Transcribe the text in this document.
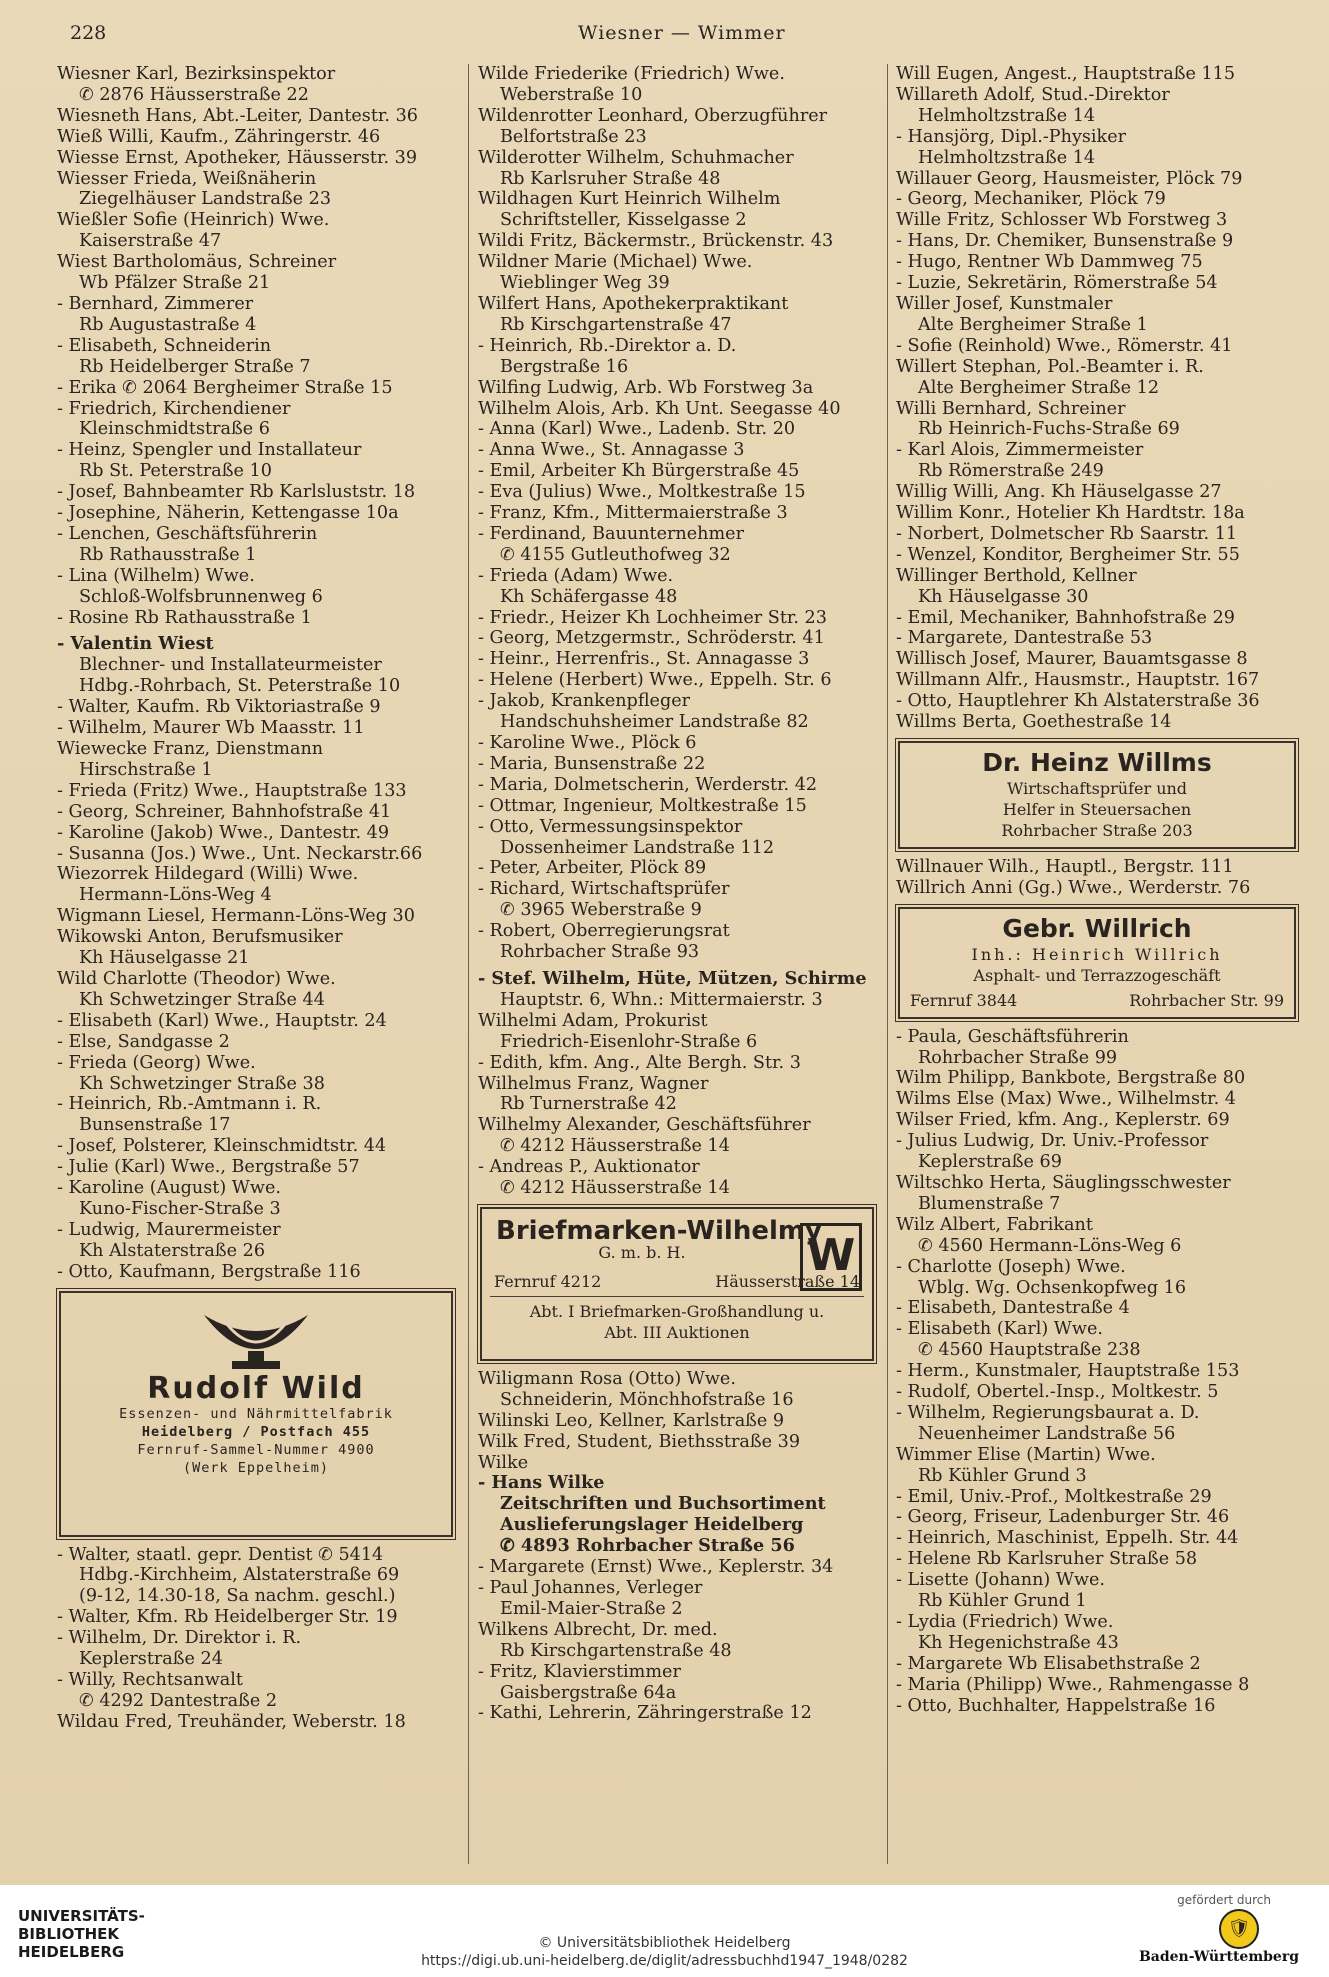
228	Wiesner — Wimmer
Wiesner Karl, Bezirksinspektor
✆ 2876 Häusserstraße 22
Wiesneth Hans, Abt.-Leiter, Dantestr. 36
Wieß Willi, Kaufm., Zähringerstr. 46
Wiesse Ernst, Apotheker, Häusserstr. 39
Wiesser Frieda, Weißnäherin
Ziegelhäuser Landstraße 23
Wießler Sofie (Heinrich) Wwe.
Kaiserstraße 47
Wiest Bartholomäus, Schreiner
Wb Pfälzer Straße 21
- Bernhard, Zimmerer
Rb Augustastraße 4
- Elisabeth, Schneiderin
Rb Heidelberger Straße 7
- Erika ✆ 2064 Bergheimer Straße 15
- Friedrich, Kirchendiener
Kleinschmidtstraße 6
- Heinz, Spengler und Installateur
Rb St. Peterstraße 10
- Josef, Bahnbeamter Rb Karlsluststr. 18
- Josephine, Näherin, Kettengasse 10a
- Lenchen, Geschäftsführerin
Rb Rathausstraße 1
- Lina (Wilhelm) Wwe.
Schloß-Wolfsbrunnenweg 6
- Rosine Rb Rathausstraße 1
- Valentin Wiest
Blechner- und Installateurmeister
Hdbg.-Rohrbach, St. Peterstraße 10
- Walter, Kaufm. Rb Viktoriastraße 9
- Wilhelm, Maurer Wb Maasstr. 11
Wiewecke Franz, Dienstmann
Hirschstraße 1
- Frieda (Fritz) Wwe., Hauptstraße 133
- Georg, Schreiner, Bahnhofstraße 41
- Karoline (Jakob) Wwe., Dantestr. 49
- Susanna (Jos.) Wwe., Unt. Neckarstr.66
Wiezorrek Hildegard (Willi) Wwe.
Hermann-Löns-Weg 4
Wigmann Liesel, Hermann-Löns-Weg 30
Wikowski Anton, Berufsmusiker
Kh Häuselgasse 21
Wild Charlotte (Theodor) Wwe.
Kh Schwetzinger Straße 44
- Elisabeth (Karl) Wwe., Hauptstr. 24
- Else, Sandgasse 2
- Frieda (Georg) Wwe.
Kh Schwetzinger Straße 38
- Heinrich, Rb.-Amtmann i. R.
Bunsenstraße 17
- Josef, Polsterer, Kleinschmidtstr. 44
- Julie (Karl) Wwe., Bergstraße 57
- Karoline (August) Wwe.
Kuno-Fischer-Straße 3
- Ludwig, Maurermeister
Kh Alstaterstraße 26
- Otto, Kaufmann, Bergstraße 116
Rudolf Wild
Essenzen- und Nährmittelfabrik
Heidelberg / Postfach 455
Fernruf-Sammel-Nummer 4900
(Werk Eppelheim)
- Walter, staatl. gepr. Dentist ✆ 5414
Hdbg.-Kirchheim, Alstaterstraße 69
(9-12, 14.30-18, Sa nachm. geschl.)
- Walter, Kfm. Rb Heidelberger Str. 19
- Wilhelm, Dr. Direktor i. R.
Keplerstraße 24
- Willy, Rechtsanwalt
✆ 4292 Dantestraße 2
Wildau Fred, Treuhänder, Weberstr. 18
Wilde Friederike (Friedrich) Wwe.
Weberstraße 10
Wildenrotter Leonhard, Oberzugführer
Belfortstraße 23
Wilderotter Wilhelm, Schuhmacher
Rb Karlsruher Straße 48
Wildhagen Kurt Heinrich Wilhelm
Schriftsteller, Kisselgasse 2
Wildi Fritz, Bäckermstr., Brückenstr. 43
Wildner Marie (Michael) Wwe.
Wieblinger Weg 39
Wilfert Hans, Apothekerpraktikant
Rb Kirschgartenstraße 47
- Heinrich, Rb.-Direktor a. D.
Bergstraße 16
Wilfing Ludwig, Arb. Wb Forstweg 3a
Wilhelm Alois, Arb. Kh Unt. Seegasse 40
- Anna (Karl) Wwe., Ladenb. Str. 20
- Anna Wwe., St. Annagasse 3
- Emil, Arbeiter Kh Bürgerstraße 45
- Eva (Julius) Wwe., Moltkestraße 15
- Franz, Kfm., Mittermaierstraße 3
- Ferdinand, Bauunternehmer
✆ 4155 Gutleuthofweg 32
- Frieda (Adam) Wwe.
Kh Schäfergasse 48
- Friedr., Heizer Kh Lochheimer Str. 23
- Georg, Metzgermstr., Schröderstr. 41
- Heinr., Herrenfris., St. Annagasse 3
- Helene (Herbert) Wwe., Eppelh. Str. 6
- Jakob, Krankenpfleger
Handschuhsheimer Landstraße 82
- Karoline Wwe., Plöck 6
- Maria, Bunsenstraße 22
- Maria, Dolmetscherin, Werderstr. 42
- Ottmar, Ingenieur, Moltkestraße 15
- Otto, Vermessungsinspektor
Dossenheimer Landstraße 112
- Peter, Arbeiter, Plöck 89
- Richard, Wirtschaftsprüfer
✆ 3965 Weberstraße 9
- Robert, Oberregierungsrat
Rohrbacher Straße 93
- Stef. Wilhelm, Hüte, Mützen, Schirme
Hauptstr. 6, Whn.: Mittermaierstr. 3
Wilhelmi Adam, Prokurist
Friedrich-Eisenlohr-Straße 6
- Edith, kfm. Ang., Alte Bergh. Str. 3
Wilhelmus Franz, Wagner
Rb Turnerstraße 42
Wilhelmy Alexander, Geschäftsführer
✆ 4212 Häusserstraße 14
- Andreas P., Auktionator
✆ 4212 Häusserstraße 14
Briefmarken-Wilhelmy
W
G. m. b. H.
Fernruf 4212	Häusserstraße 14
Abt. I Briefmarken-Großhandlung u.
Abt. III Auktionen
Wiligmann Rosa (Otto) Wwe.
Schneiderin, Mönchhofstraße 16
Wilinski Leo, Kellner, Karlstraße 9
Wilk Fred, Student, Biethsstraße 39
Wilke
- Hans Wilke
Zeitschriften und Buchsortiment
Auslieferungslager Heidelberg
✆ 4893 Rohrbacher Straße 56
- Margarete (Ernst) Wwe., Keplerstr. 34
- Paul Johannes, Verleger
Emil-Maier-Straße 2
Wilkens Albrecht, Dr. med.
Rb Kirschgartenstraße 48
- Fritz, Klavierstimmer
Gaisbergstraße 64a
- Kathi, Lehrerin, Zähringerstraße 12
Will Eugen, Angest., Hauptstraße 115
Willareth Adolf, Stud.-Direktor
Helmholtzstraße 14
- Hansjörg, Dipl.-Physiker
Helmholtzstraße 14
Willauer Georg, Hausmeister, Plöck 79
- Georg, Mechaniker, Plöck 79
Wille Fritz, Schlosser Wb Forstweg 3
- Hans, Dr. Chemiker, Bunsenstraße 9
- Hugo, Rentner Wb Dammweg 75
- Luzie, Sekretärin, Römerstraße 54
Willer Josef, Kunstmaler
Alte Bergheimer Straße 1
- Sofie (Reinhold) Wwe., Römerstr. 41
Willert Stephan, Pol.-Beamter i. R.
Alte Bergheimer Straße 12
Willi Bernhard, Schreiner
Rb Heinrich-Fuchs-Straße 69
- Karl Alois, Zimmermeister
Rb Römerstraße 249
Willig Willi, Ang. Kh Häuselgasse 27
Willim Konr., Hotelier Kh Hardtstr. 18a
- Norbert, Dolmetscher Rb Saarstr. 11
- Wenzel, Konditor, Bergheimer Str. 55
Willinger Berthold, Kellner
Kh Häuselgasse 30
- Emil, Mechaniker, Bahnhofstraße 29
- Margarete, Dantestraße 53
Willisch Josef, Maurer, Bauamtsgasse 8
Willmann Alfr., Hausmstr., Hauptstr. 167
- Otto, Hauptlehrer Kh Alstaterstraße 36
Willms Berta, Goethestraße 14
Dr. Heinz Willms
Wirtschaftsprüfer und
Helfer in Steuersachen
Rohrbacher Straße 203
Willnauer Wilh., Hauptl., Bergstr. 111
Willrich Anni (Gg.) Wwe., Werderstr. 76
Gebr. Willrich
Inh.: Heinrich Willrich
Asphalt- und Terrazzogeschäft
Fernruf 3844	Rohrbacher Str. 99
- Paula, Geschäftsführerin
Rohrbacher Straße 99
Wilm Philipp, Bankbote, Bergstraße 80
Wilms Else (Max) Wwe., Wilhelmstr. 4
Wilser Fried, kfm. Ang., Keplerstr. 69
- Julius Ludwig, Dr. Univ.-Professor
Keplerstraße 69
Wiltschko Herta, Säuglingsschwester
Blumenstraße 7
Wilz Albert, Fabrikant
✆ 4560 Hermann-Löns-Weg 6
- Charlotte (Joseph) Wwe.
Wblg. Wg. Ochsenkopfweg 16
- Elisabeth, Dantestraße 4
- Elisabeth (Karl) Wwe.
✆ 4560 Hauptstraße 238
- Herm., Kunstmaler, Hauptstraße 153
- Rudolf, Obertel.-Insp., Moltkestr. 5
- Wilhelm, Regierungsbaurat a. D.
Neuenheimer Landstraße 56
Wimmer Elise (Martin) Wwe.
Rb Kühler Grund 3
- Emil, Univ.-Prof., Moltkestraße 29
- Georg, Friseur, Ladenburger Str. 46
- Heinrich, Maschinist, Eppelh. Str. 44
- Helene Rb Karlsruher Straße 58
- Lisette (Johann) Wwe.
Rb Kühler Grund 1
- Lydia (Friedrich) Wwe.
Kh Hegenichstraße 43
- Margarete Wb Elisabethstraße 2
- Maria (Philipp) Wwe., Rahmengasse 8
- Otto, Buchhalter, Happelstraße 16
UNIVERSITÄTS-
BIBLIOTHEK
HEIDELBERG	© Universitätsbibliothek Heidelberg
https://digi.ub.uni-heidelberg.de/diglit/adressbuchhd1947_1948/0282
gefördert durch
🛡
Baden-Württemberg
